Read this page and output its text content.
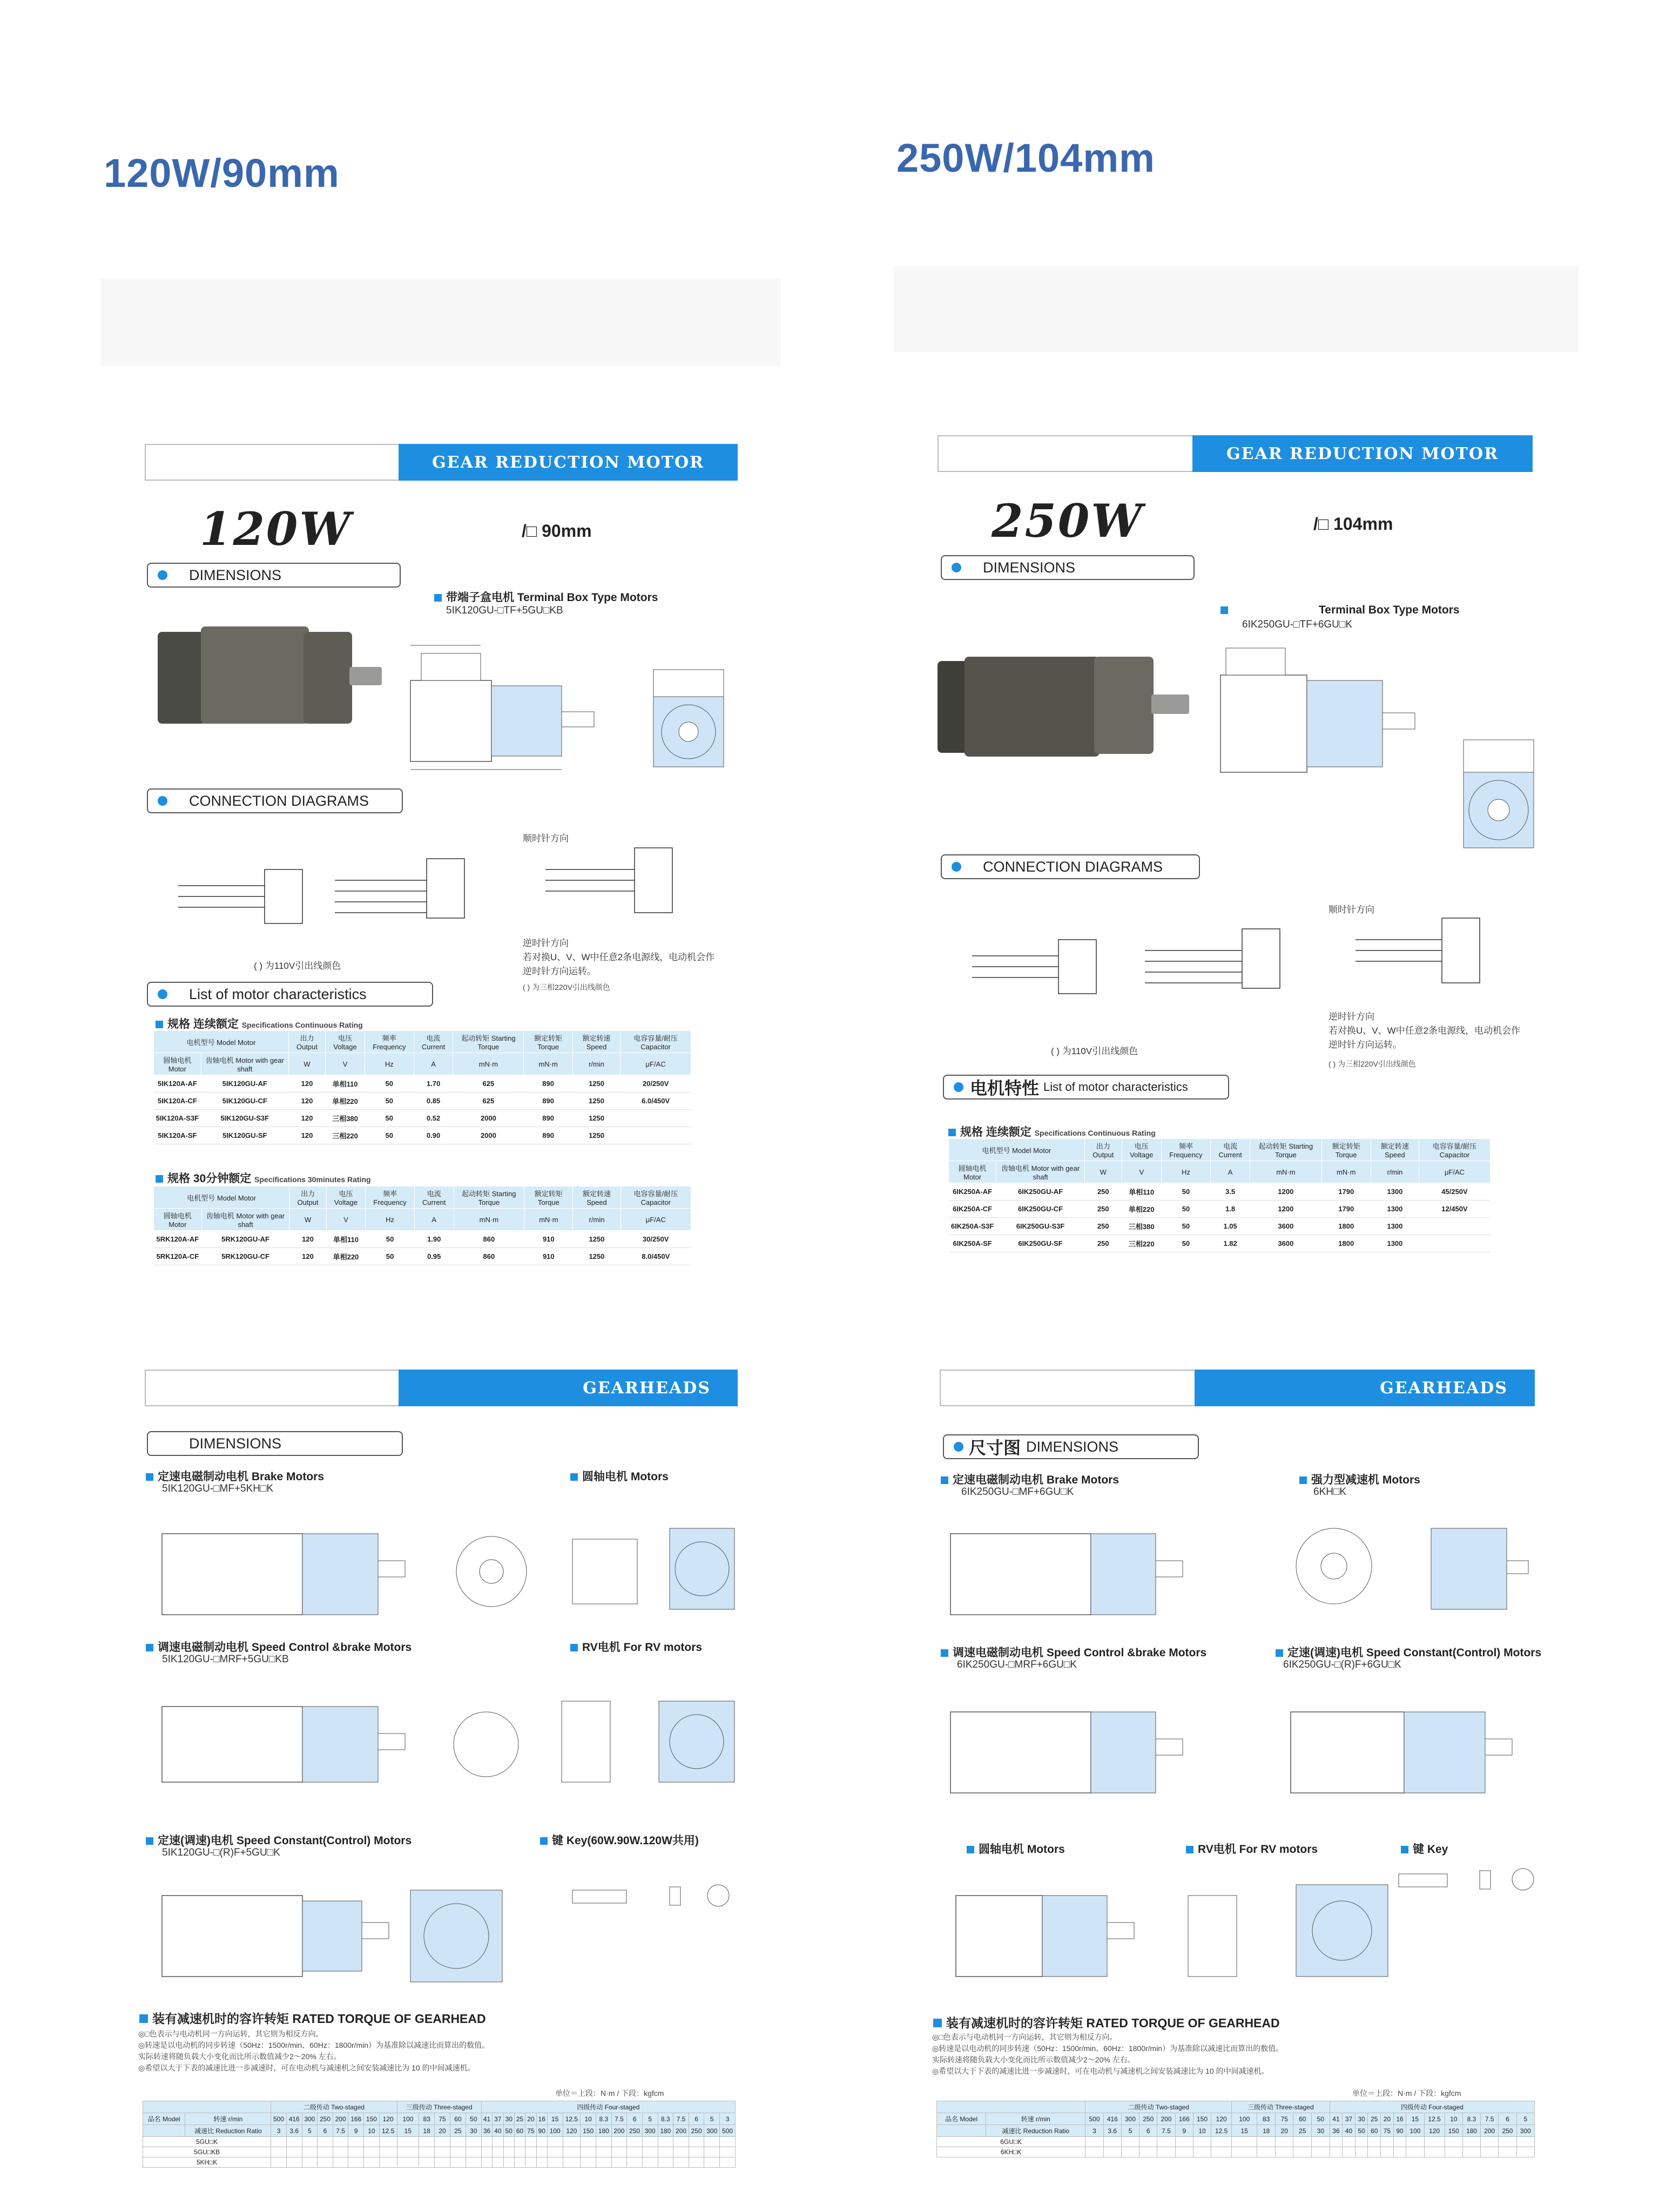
120W/90mm	250W/104mm
GEAR REDUCTION MOTOR
120W	/□ 90mm
DIMENSIONS
带端子盒电机 Terminal Box Type Motors
5IK120GU-□TF+5GU□KB
CONNECTION DIAGRAMS
( ) 为110V引出线颜色
顺时针方向
逆时针方向
若对换U、V、W中任意2条电源线，电动机会作逆时针方向运转。
( ) 为三相220V引出线颜色
List of motor characteristics
规格 连续额定 Specifications Continuous Rating
电机型号 Model Motor		出力 Output	电压 Voltage	频率 Frequency	电流 Current	起动转矩 Starting Torque	额定转矩 Torque	额定转速 Speed	电容容量/耐压 Capacitor
圆轴电机 Motor	齿轴电机 Motor with gear shaft	W	V	Hz	A	mN·m	mN·m	r/min	μF/AC
5IK120A-AF	5IK120GU-AF	120	单相110	50	1.70	625	890	1250	20/250V
5IK120A-CF	5IK120GU-CF	120	单相220	50	0.85	625	890	1250	6.0/450V
5IK120A-S3F	5IK120GU-S3F	120	三相380	50	0.52	2000	890	1250	
5IK120A-SF	5IK120GU-SF	120	三相220	50	0.90	2000	890	1250	
规格 30分钟额定 Specifications 30minutes Rating
电机型号 Model Motor		出力 Output	电压 Voltage	频率 Frequency	电流 Current	起动转矩 Starting Torque	额定转矩 Torque	额定转速 Speed	电容容量/耐压 Capacitor
圆轴电机 Motor	齿轴电机 Motor with gear shaft	W	V	Hz	A	mN·m	mN·m	r/min	μF/AC
5RK120A-AF	5RK120GU-AF	120	单相110	50	1.90	860	910	1250	30/250V
5RK120A-CF	5RK120GU-CF	120	单相220	50	0.95	860	910	1250	8.0/450V
GEAR REDUCTION MOTOR
250W	/□ 104mm
DIMENSIONS
Terminal Box Type Motors
6IK250GU-□TF+6GU□K
CONNECTION DIAGRAMS
( ) 为110V引出线颜色
顺时针方向
逆时针方向
若对换U、V、W中任意2条电源线，电动机会作逆时针方向运转。
( ) 为三相220V引出线颜色
电机特性 List of motor characteristics
规格 连续额定 Specifications Continuous Rating
电机型号 Model Motor		出力 Output	电压 Voltage	频率 Frequency	电流 Current	起动转矩 Starting Torque	额定转矩 Torque	额定转速 Speed	电容容量/耐压 Capacitor
圆轴电机 Motor	齿轴电机 Motor with gear shaft	W	V	Hz	A	mN·m	mN·m	r/min	μF/AC
6IK250A-AF	6IK250GU-AF	250	单相110	50	3.5	1200	1790	1300	45/250V
6IK250A-CF	6IK250GU-CF	250	单相220	50	1.8	1200	1790	1300	12/450V
6IK250A-S3F	6IK250GU-S3F	250	三相380	50	1.05	3600	1800	1300	
6IK250A-SF	6IK250GU-SF	250	三相220	50	1.82	3600	1800	1300	
GEARHEADS
DIMENSIONS
定速电磁制动电机 Brake Motors
5IK120GU-□MF+5KH□K
圆轴电机 Motors
调速电磁制动电机 Speed Control &brake Motors
5IK120GU-□MRF+5GU□KB
RV电机 For RV motors
定速(调速)电机 Speed Constant(Control) Motors
5IK120GU-□(R)F+5GU□K
键 Key(60W.90W.120W共用)
装有减速机时的容许转矩 RATED TORQUE OF GEARHEAD
◎□色表示与电动机同一方向运转，其它则为相反方向。
◎转速是以电动机的同步转速（50Hz：1500r/min、60Hz：1800r/min）为基准除以减速比而算出的数值。
实际转速将随负载大小变化而比所示数值减少2～20% 左右。
◎希望以大于下表的减速比进一步减速时，可在电动机与减速机之间安装减速比为 10 的中间减速机。
单位＝上段：N·m / 下段：kgfcm
		二级传动 Two-staged								三级传动 Three-staged					四级传动 Four-staged																	
品名 Model	转速 r/min	500	416	300	250	200	166	150	120	100	83	75	60	50	41	37	30	25	20	16	15	12.5	10	8.3	7.5	6	5	8.3	7.5	6	5	3
	减速比 Reduction Ratio	3	3.6	5	6	7.5	9	10	12.5	15	18	20	25	30	36	40	50	60	75	90	100	120	150	180	200	250	300	180	200	250	300	500
5GU□K																																
5GU□KB																																
5KH□K																																
GEARHEADS
尺寸图 DIMENSIONS
定速电磁制动电机 Brake Motors
6IK250GU-□MF+6GU□K
强力型减速机 Motors
6KH□K
调速电磁制动电机 Speed Control &brake Motors
6IK250GU-□MRF+6GU□K
定速(调速)电机 Speed Constant(Control) Motors
6IK250GU-□(R)F+6GU□K
圆轴电机 Motors	RV电机 For RV motors	键 Key
装有减速机时的容许转矩 RATED TORQUE OF GEARHEAD
◎□色表示与电动机同一方向运转，其它则为相反方向。
◎转速是以电动机的同步转速（50Hz：1500r/min、60Hz：1800r/min）为基准除以减速比而算出的数值。
实际转速将随负载大小变化而比所示数值减少2～20% 左右。
◎希望以大于下表的减速比进一步减速时，可在电动机与减速机之间安装减速比为 10 的中间减速机。
单位＝上段：N·m / 下段：kgfcm
		二级传动 Two-staged								三级传动 Three-staged					四级传动 Four-staged												
品名 Model	转速 r/min	500	416	300	250	200	166	150	120	100	83	75	60	50	41	37	30	25	20	16	15	12.5	10	8.3	7.5	6	5
	减速比 Reduction Ratio	3	3.6	5	6	7.5	9	10	12.5	15	18	20	25	30	36	40	50	60	75	90	100	120	150	180	200	250	300
6GU□K																											
6KH□K																											
